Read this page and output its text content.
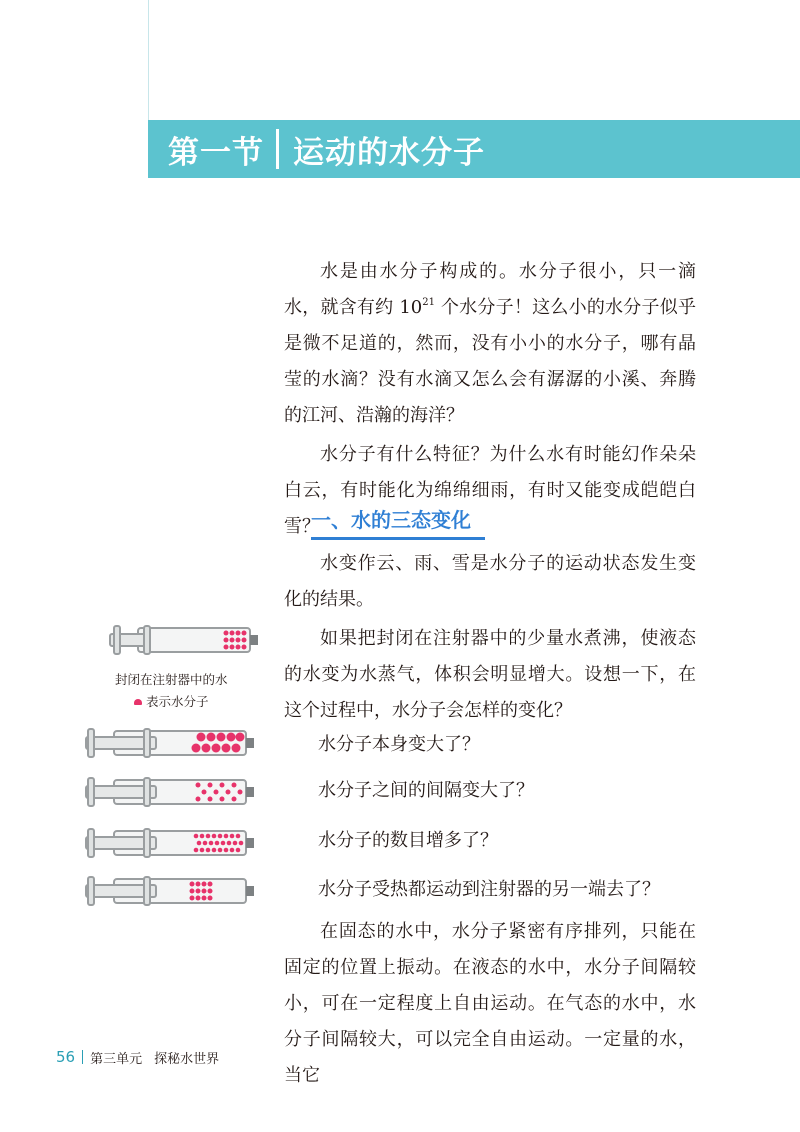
第一节 运动的水分子

水是由水分子构成的。水分子很小，只一滴水，就含有约 $10^{21}$ 个水分子！这么小的水分子似乎是微不足道的，然而，没有小小的水分子，哪有晶莹的水滴？没有水滴又怎么会有潺潺的小溪、奔腾的江河、浩瀚的海洋？

水分子有什么特征？为什么水有时能幻作朵朵白云，有时能化为绵绵细雨，有时又能变成皑皑白雪？

一、水的三态变化

水变作云、雨、雪是水分子的运动状态发生变化的结果。

如果把封闭在注射器中的少量水煮沸，使液态的水变为水蒸气，体积会明显增大。设想一下，在这个过程中，水分子会怎样的变化？

水分子本身变大了？
水分子之间的间隔变大了？
水分子的数目增多了？
水分子受热都运动到注射器的另一端去了？

在固态的水中，水分子紧密有序排列，只能在固定的位置上振动。在液态的水中，水分子间隔较小，可在一定程度上自由运动。在气态的水中，水分子间隔较大，可以完全自由运动。一定量的水，当它

封闭在注射器中的水
表示水分子
56 第三单元 探秘水世界
